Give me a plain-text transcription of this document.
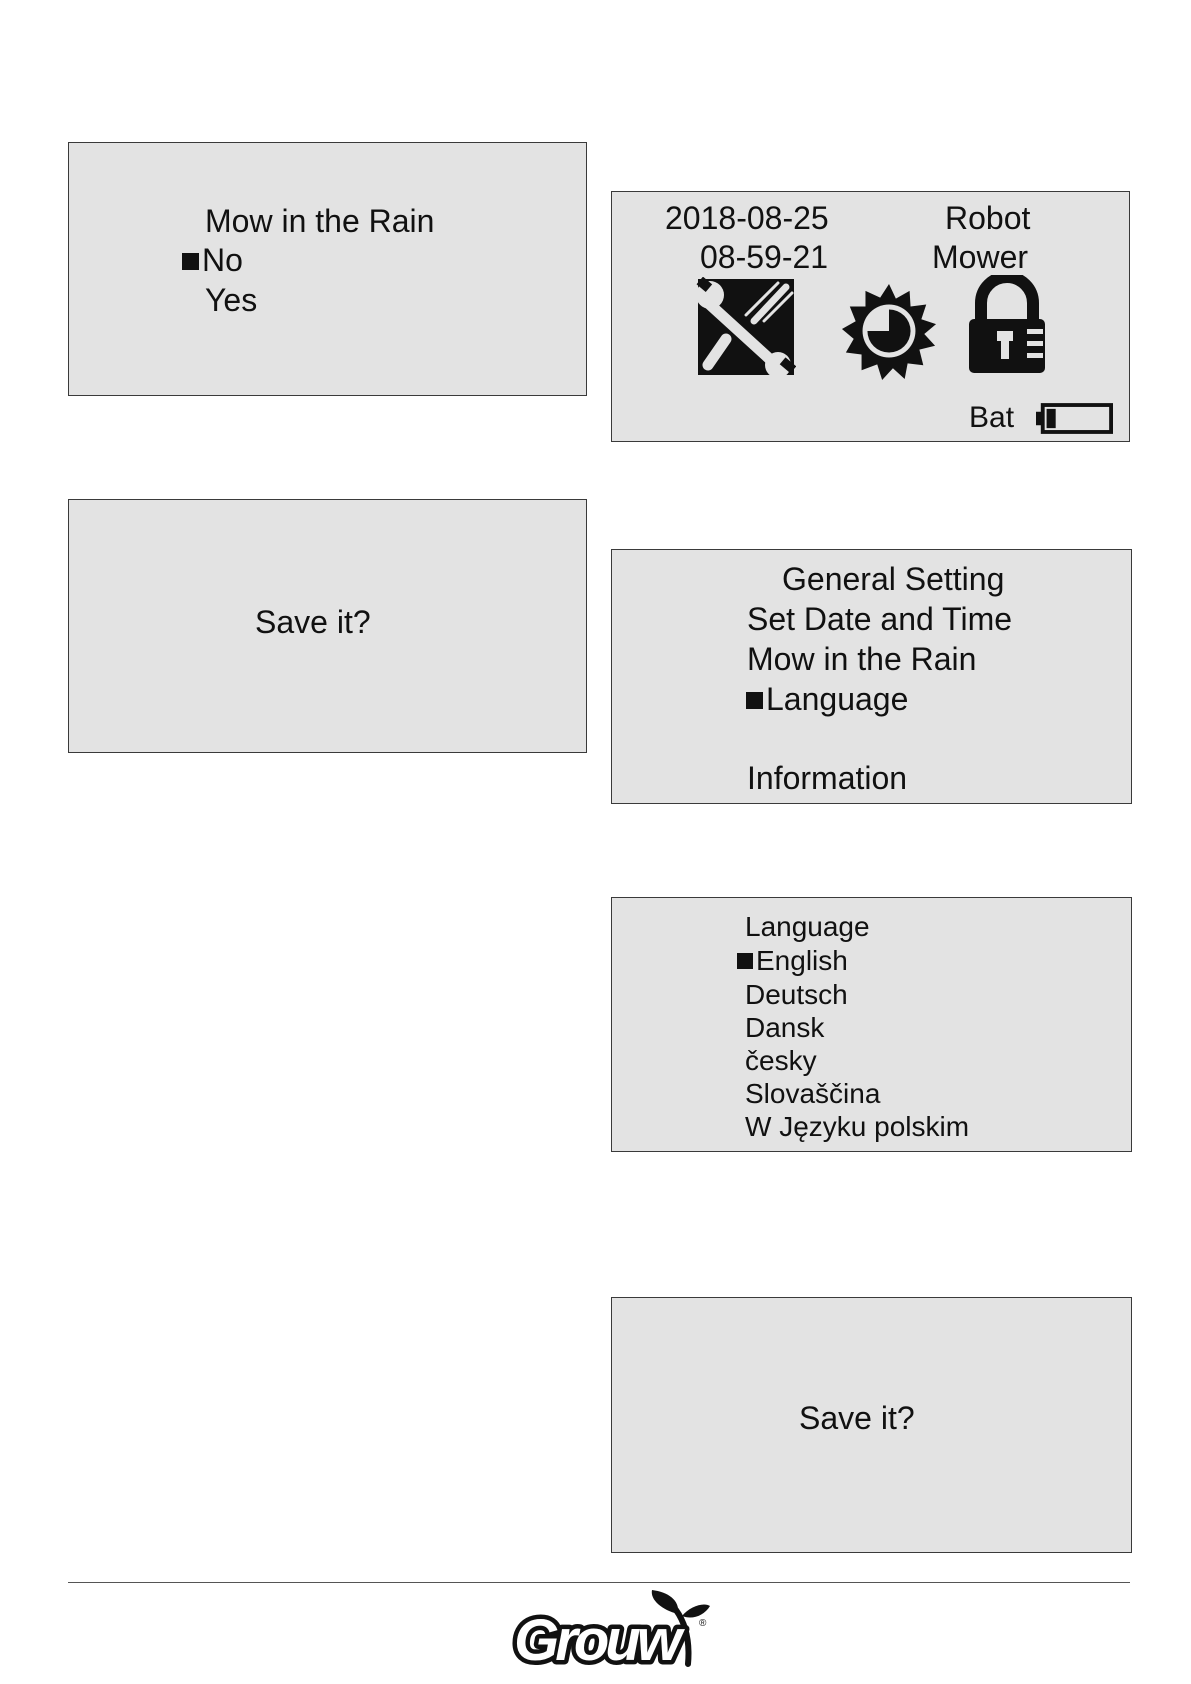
Mow in the Rain
No
Yes
Save it?
2018-08-25
08-59-21
Robot
Mower
Bat
General Setting
Set Date and Time
Mow in the Rain
Language
Information
Language
English
Deutsch
Dansk
česky
Slovaščina
W Języku polskim
Save it?
Grouw	®
